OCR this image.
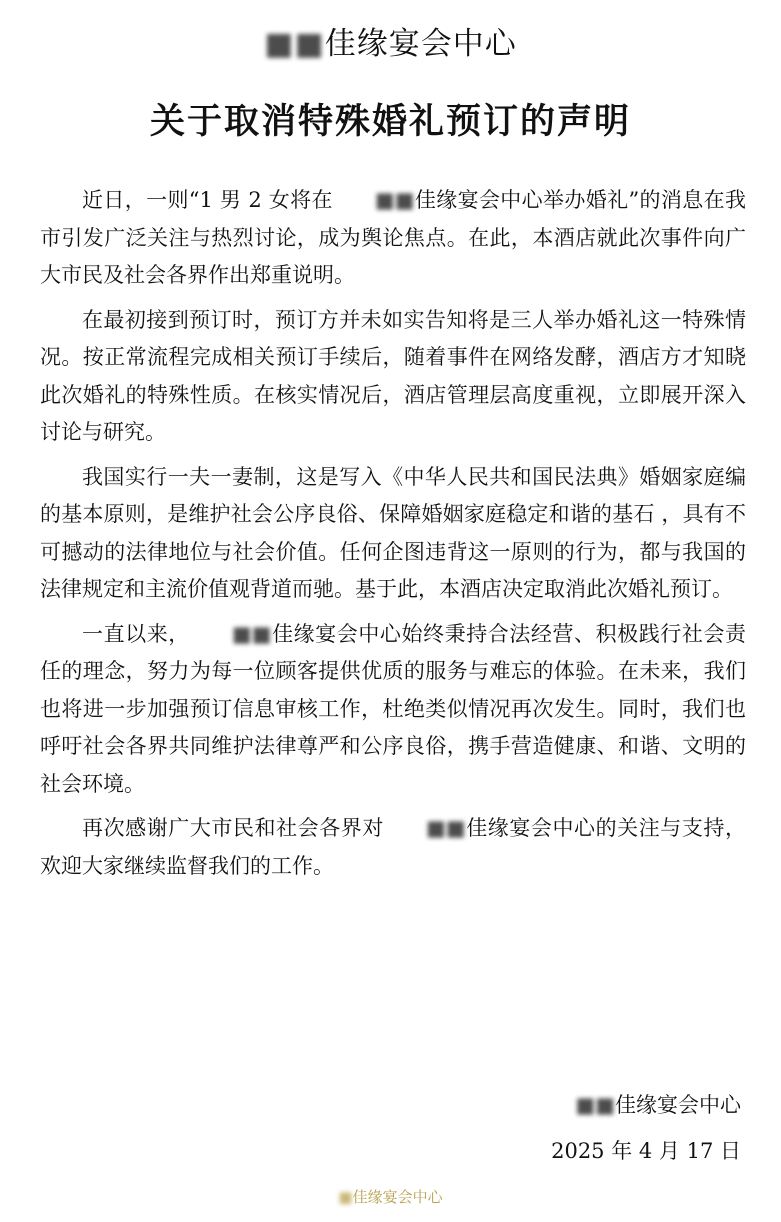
■■佳缘宴会中心
关于取消特殊婚礼预订的声明

近日，一则“1 男 2 女将在 ■■佳缘宴会中心举办婚礼”的消息在我市引发广泛关注与热烈讨论，成为舆论焦点。在此，本酒店就此次事件向广大市民及社会各界作出郑重说明。

在最初接到预订时，预订方并未如实告知将是三人举办婚礼这一特殊情况。按正常流程完成相关预订手续后，随着事件在网络发酵，酒店方才知晓此次婚礼的特殊性质。在核实情况后，酒店管理层高度重视，立即展开深入讨论与研究。

我国实行一夫一妻制，这是写入《中华人民共和国民法典》婚姻家庭编的基本原则，是维护社会公序良俗、保障婚姻家庭稳定和谐的基石 ，具有不可撼动的法律地位与社会价值。任何企图违背这一原则的行为，都与我国的法律规定和主流价值观背道而驰。基于此，本酒店决定取消此次婚礼预订。

一直以来， ■■佳缘宴会中心始终秉持合法经营、积极践行社会责任的理念，努力为每一位顾客提供优质的服务与难忘的体验。在未来，我们也将进一步加强预订信息审核工作，杜绝类似情况再次发生。同时，我们也呼吁社会各界共同维护法律尊严和公序良俗，携手营造健康、和谐、文明的社会环境。

再次感谢广大市民和社会各界对 ■■佳缘宴会中心的关注与支持，欢迎大家继续监督我们的工作。

■■佳缘宴会中心
2025 年 4 月 17 日
■佳缘宴会中心
